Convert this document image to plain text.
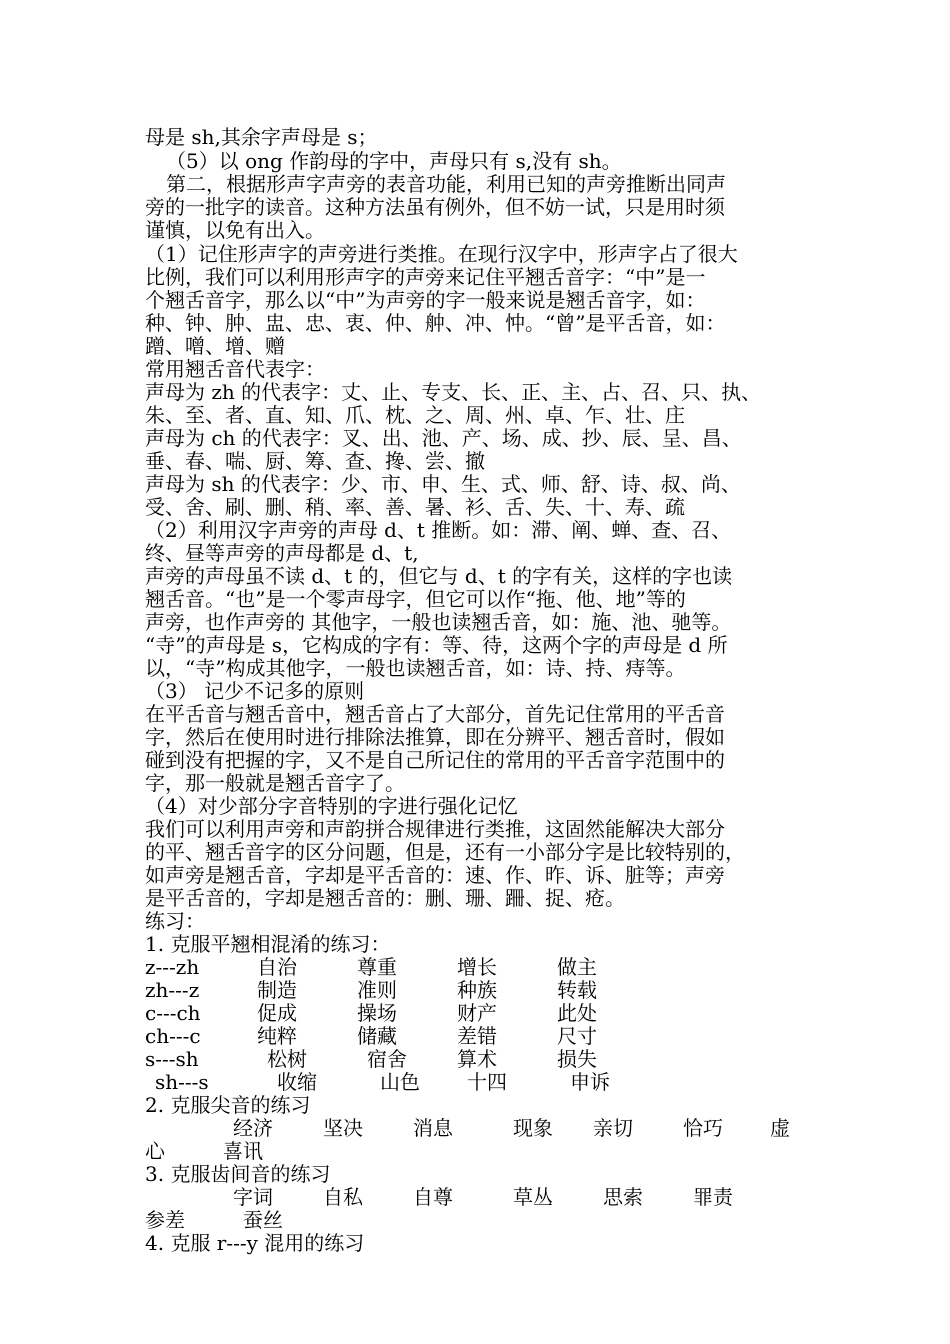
母是 sh,其余字声母是 s；
（5）以 ong 作韵母的字中，声母只有 s,没有 sh。
第二，根据形声字声旁的表音功能，利用已知的声旁推断出同声
旁的一批字的读音。这种方法虽有例外，但不妨一试，只是用时须
谨慎，以免有出入。
（1）记住形声字的声旁进行类推。在现行汉字中，形声字占了很大
比例，我们可以利用形声字的声旁来记住平翘舌音字：“中”是一
个翘舌音字，那么以“中”为声旁的字一般来说是翘舌音字，如：
种、钟、肿、盅、忠、衷、仲、舯、冲、忡。“曾”是平舌音，如：
蹭、噌、增、赠
常用翘舌音代表字：
声母为 zh 的代表字：丈、止、专支、长、正、主、占、召、只、执、
朱、至、者、直、知、爪、枕、之、周、州、卓、乍、壮、庄
声母为 ch 的代表字：叉、出、池、产、场、成、抄、辰、呈、昌、
垂、春、喘、厨、筹、查、搀、尝、撤
声母为 sh 的代表字：少、市、申、生、式、师、舒、诗、叔、尚、
受、舍、刷、删、稍、率、善、暑、衫、舌、失、十、寿、疏
（2）利用汉字声旁的声母 d、t 推断。如：滞、阐、蝉、查、召、
终、昼等声旁的声母都是 d、t,
声旁的声母虽不读 d、t 的，但它与 d、t 的字有关，这样的字也读
翘舌音。“也”是一个零声母字，但它可以作“拖、他、地”等的
声旁，也作声旁的 其他字，一般也读翘舌音，如：施、池、驰等。
“寺”的声母是 s，它构成的字有：等、待，这两个字的声母是 d 所
以，“寺”构成其他字，一般也读翘舌音，如：诗、持、痔等。
（3） 记少不记多的原则
在平舌音与翘舌音中，翘舌音占了大部分，首先记住常用的平舌音
字，然后在使用时进行排除法推算，即在分辨平、翘舌音时，假如
碰到没有把握的字，又不是自己所记住的常用的平舌音字范围中的
字，那一般就是翘舌音字了。
（4）对少部分字音特别的字进行强化记忆
我们可以利用声旁和声韵拼合规律进行类推，这固然能解决大部分
的平、翘舌音字的区分问题，但是，还有一小部分字是比较特别的，
如声旁是翘舌音，字却是平舌音的：速、作、昨、诉、脏等；声旁
是平舌音的，字却是翘舌音的：删、珊、跚、捉、疮。
练习：
1. 克服平翘相混淆的练习：
z---zh	自治	尊重	增长	做主
zh---z	制造	准则	种族	转载
c---ch	促成	操场	财产	此处
ch---c	纯粹	储藏	差错	尺寸
s---sh	松树	宿舍	算术	损失
sh---s	收缩	山色 十四	申诉
2. 克服尖音的练习
经济	坚决	消息	现象 亲切	恰巧 虚
心	喜讯
3. 克服齿间音的练习
字词	自私	自尊	草丛	思索	罪责
参差	蚕丝
4. 克服 r---y 混用的练习
